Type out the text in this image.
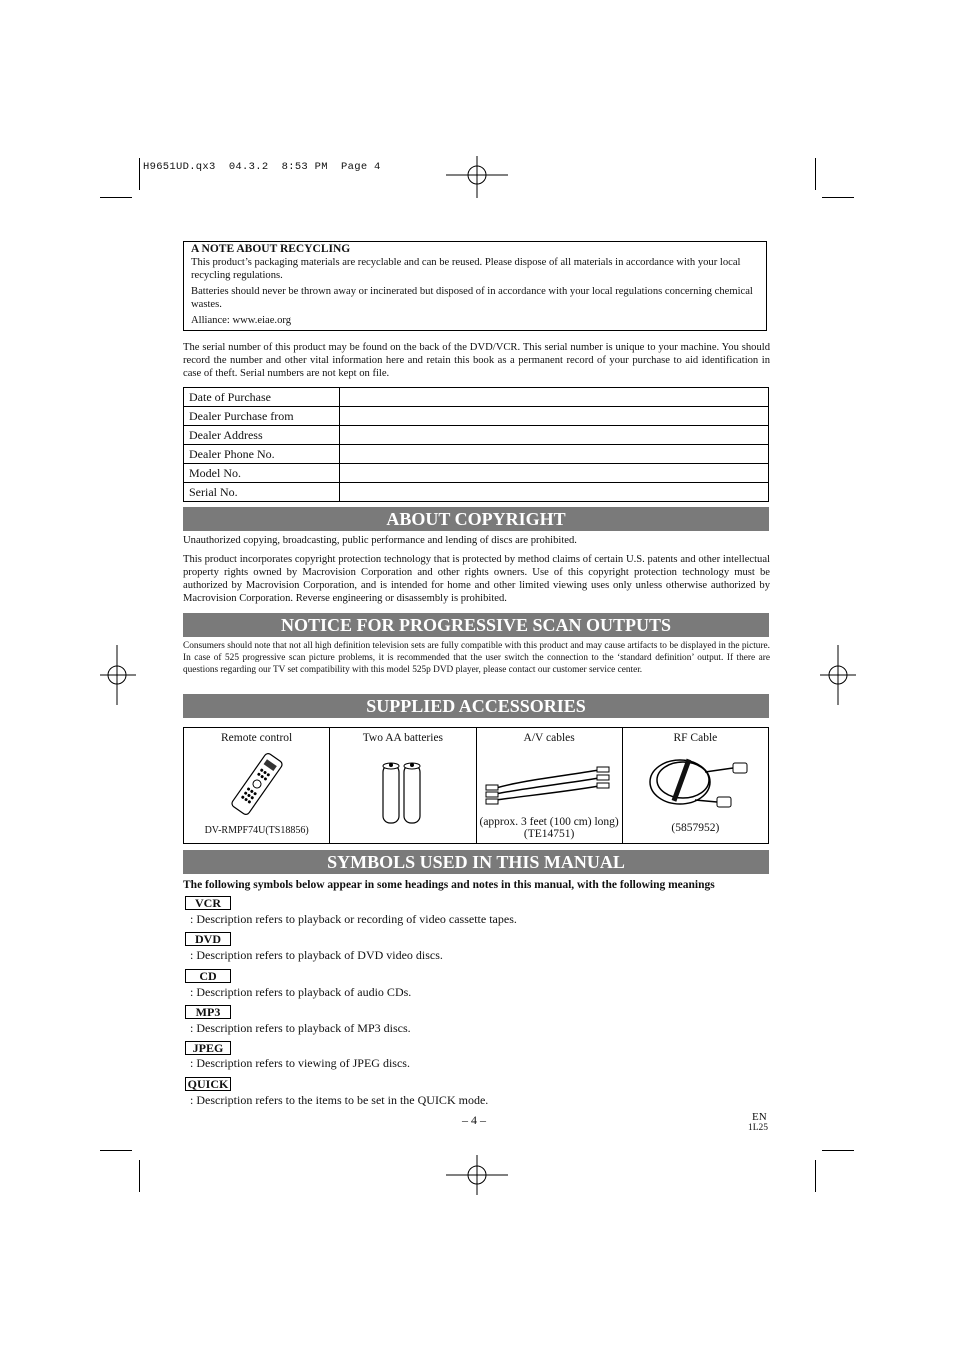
H9651UD.qx3  04.3.2  8:53 PM  Page 4
A NOTE ABOUT RECYCLING

This product’s packaging materials are recyclable and can be reused. Please dispose of all materials in accordance with your local recycling regulations.

Batteries should never be thrown away or incinerated but disposed of in accordance with your local regulations concerning chemical wastes.

Alliance: www.eiae.org

The serial number of this product may be found on the back of the DVD/VCR. This serial number is unique to your machine. You should record the number and other vital information here and retain this book as a permanent record of your purchase to aid identification in case of theft. Serial numbers are not kept on file.
Date of Purchase	
Dealer Purchase from	
Dealer Address	
Dealer Phone No.	
Model No.	
Serial No.	
ABOUT COPYRIGHT
Unauthorized copying, broadcasting, public performance and lending of discs are prohibited.
This product incorporates copyright protection technology that is protected by method claims of certain U.S. patents and other intellectual property rights owned by Macrovision Corporation and other rights owners. Use of this copyright protection technology must be authorized by Macrovision Corporation, and is intended for home and other limited viewing uses only unless otherwise authorized by Macrovision Corporation. Reverse engineering or disassembly is prohibited.
NOTICE FOR PROGRESSIVE SCAN OUTPUTS
Consumers should note that not all high definition television sets are fully compatible with this product and may cause artifacts to be displayed in the picture. In case of 525 progressive scan picture problems, it is recommended that the user switch the connection to the ‘standard definition’ output. If there are questions regarding our TV set compatibility with this model 525p DVD player, please contact our customer service center.
SUPPLIED ACCESSORIES
Remote control
DV-RMPF74U(TS18856)

Two AA batteries	A/V cables
(approx. 3 feet (100 cm) long) (TE14751)

RF Cable
(5857952)
SYMBOLS USED IN THIS MANUAL
The following symbols below appear in some headings and notes in this manual, with the following meanings
VCR
: Description refers to playback or recording of video cassette tapes.
DVD
: Description refers to playback of DVD video discs.
CD
: Description refers to playback of audio CDs.
MP3
: Description refers to playback of MP3 discs.
JPEG
: Description refers to viewing of JPEG discs.
QUICK
: Description refers to the items to be set in the QUICK mode.
– 4 –	EN
1L25
